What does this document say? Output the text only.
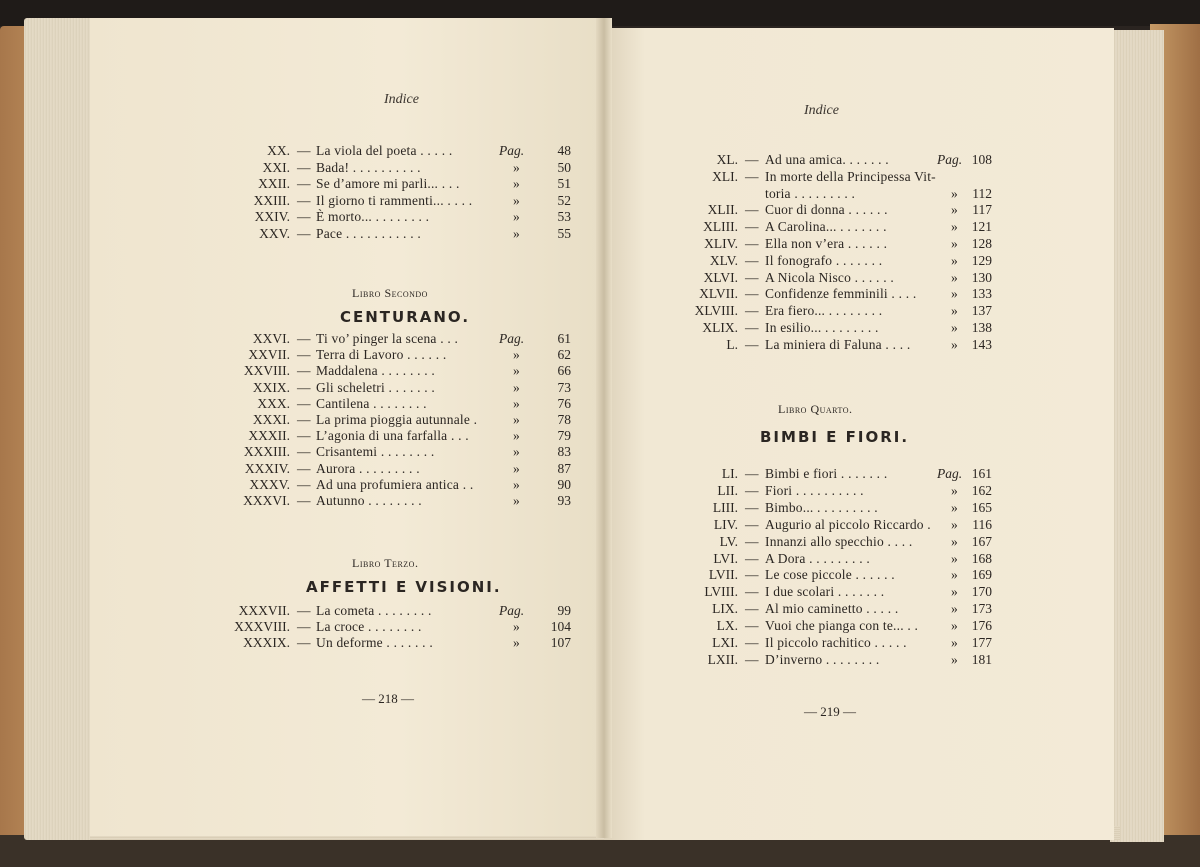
Indice
XX. — La viola del poeta . . . . .	Pag. 48
XXI. — Bada! . . . . . . . . . .	»	50
XXII. — Se d’amore mi parli... . . .	»	51
XXIII. — Il giorno ti rammenti... . . . .	»	52
XXIV. — È morto... . . . . . . . .	»	53
XXV. — Pace . . . . . . . . . . .	»	55
Libro Secondo
CENTURANO.
XXVI. — Ti vo’ pinger la scena . . .	Pag. 61
XXVII. — Terra di Lavoro . . . . . .	»	62
XXVIII. — Maddalena . . . . . . . .	»	66
XXIX. — Gli scheletri . . . . . . .	»	73
XXX. — Cantilena . . . . . . . .	»	76
XXXI. — La prima pioggia autunnale .	»	78
XXXII. — L’agonia di una farfalla . . .	»	79
XXXIII. — Crisantemi . . . . . . . .	»	83
XXXIV. — Aurora . . . . . . . . .	»	87
XXXV. — Ad una profumiera antica . .	»	90
XXXVI. — Autunno . . . . . . . .	»	93
Libro Terzo.
AFFETTI E VISIONI.
XXXVII. — La cometa . . . . . . . .	Pag. 99
XXXVIII. — La croce . . . . . . . .	» 104
XXXIX. — Un deforme . . . . . . .	» 107
Indice
XL. — Ad una amica. . . . . . .	Pag. 108
XLI. — In morte della Principessa Vit-
toria . . . . . . . . .	» 112
XLII. — Cuor di donna . . . . . .	» 117
XLIII. — A Carolina... . . . . . . .	» 121
XLIV. — Ella non v’era . . . . . .	» 128
XLV. — Il fonografo . . . . . . .	» 129
XLVI. — A Nicola Nisco . . . . . .	» 130
XLVII. — Confidenze femminili . . . .	» 133
XLVIII. — Era fiero... . . . . . . . .	» 137
XLIX. — In esilio... . . . . . . . .	» 138
L. — La miniera di Faluna . . . .	» 143
Libro Quarto.
BIMBI E FIORI.
LI. — Bimbi e fiori . . . . . . .	Pag. 161
LII. — Fiori . . . . . . . . . .	» 162
LIII. — Bimbo... . . . . . . . . .	» 165
LIV. — Augurio al piccolo Riccardo . » 116
LV. — Innanzi allo specchio . . . .	» 167
LVI. — A Dora . . . . . . . . .	» 168
LVII. — Le cose piccole . . . . . .	» 169
LVIII. — I due scolari . . . . . . .	» 170
LIX. — Al mio caminetto . . . . .	» 173
LX. — Vuoi che pianga con te... . . » 176
LXI. — Il piccolo rachitico . . . . .	» 177
LXII. — D’inverno . . . . . . . .	» 181
— 218 —
— 219 —
